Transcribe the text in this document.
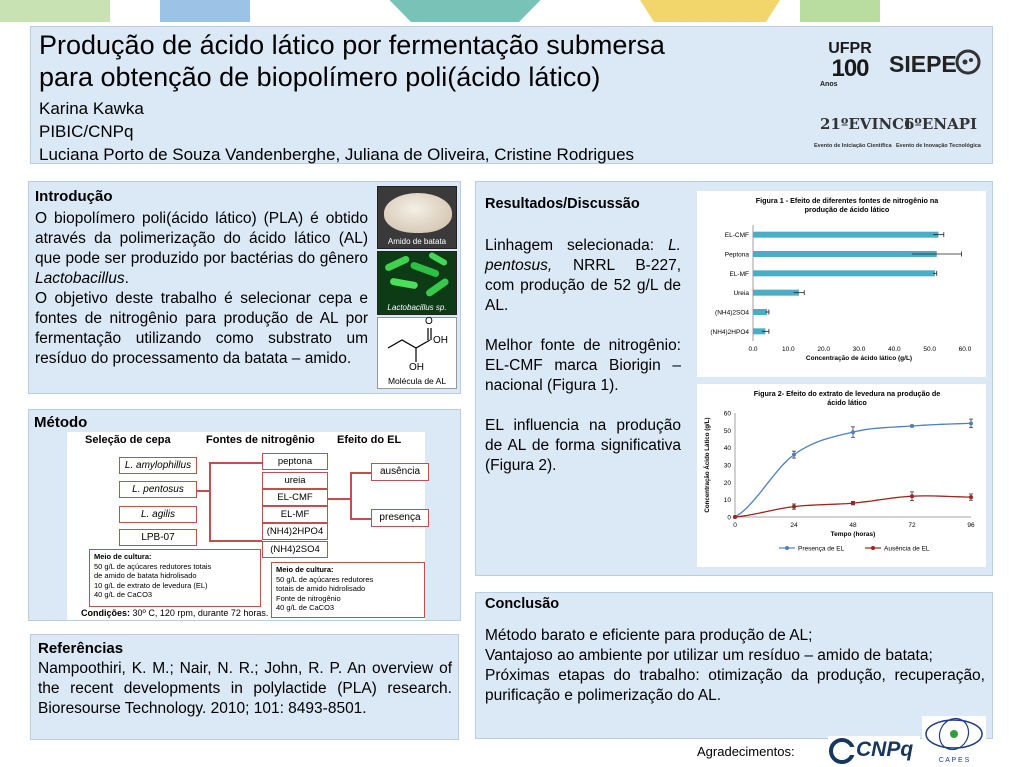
Produção de ácido lático por fermentação submersa
para obtenção de biopolímero poli(ácido lático)
Karina Kawka
PIBIC/CNPq
Luciana Porto de Souza Vandenberghe, Juliana de Oliveira, Cristine Rodrigues
UFPR
100
Anos
SIEPE
21ºEVINCI
6ºENAPI
Evento de Iniciação Científica Evento de Inovação Tecnológica
Introdução
O biopolímero poli(ácido lático) (PLA) é obtido através da polimerização do ácido lático (AL) que pode ser produzido por bactérias do gênero Lactobacillus.
O objetivo deste trabalho é selecionar cepa e fontes de nitrogênio para produção de AL por fermentação utilizando como substrato um resíduo do processamento da batata – amido.
Amido de batata
Lactobacillus sp.
O
OH
OH
Molécula de AL
Método
Seleção de cepa	Fontes de nitrogênio Efeito do EL
L. amylophillus
L. pentosus
L. agilis
LPB-07
peptona
ureia
EL-CMF
EL-MF
(NH4)2HPO4
(NH4)2SO4
ausência
presença
Meio de cultura:
50 g/L de açúcares redutores totais
de amido de batata hidrolisado
10 g/L de extrato de levedura (EL)
40 g/L de CaCO3
Meio de cultura:
50 g/L de açúcares redutores
totais de amido hidrolisado
Fonte de nitrogênio
40 g/L de CaCO3
Condições: 30º C, 120 rpm, durante 72 horas.
Referências
Nampoothiri, K. M.; Nair, N. R.; John, R. P. An overview of the recent developments in polylactide (PLA) research. Bioresourse Technology. 2010; 101: 8493-8501.
Resultados/Discussão
Linhagem selecionada: L. pentosus, NRRL B-227, com produção de 52 g/L de AL.
Melhor fonte de nitrogênio: EL-CMF marca Biorigin – nacional (Figura 1).
EL influencia na produção de AL de forma significativa (Figura 2).
Figura 1 - Efeito de diferentes fontes de nitrogênio na
produção de ácido lático
EL-CMF
Peptona
EL-MF
Ureia
(NH4)2SO4
(NH4)2HPO4
0.0	10.0	20.0	30.0	40.0	50.0	60.0
Concentração de ácido lático (g/L)
Figura 2- Efeito do extrato de levedura na produção de
ácido lático
0
10
20
30
40
50
60
0	24	48	72	96
Tempo (horas)
Concentração Ácido Lático (g/L)
Presença de EL	Ausência de EL
Conclusão
Método barato e eficiente para produção de AL;
Vantajoso ao ambiente por utilizar um resíduo – amido de batata;
Próximas etapas do trabalho: otimização da produção, recuperação, purificação e polimerização do AL.
Agradecimentos:	CNPq	C A P E S
